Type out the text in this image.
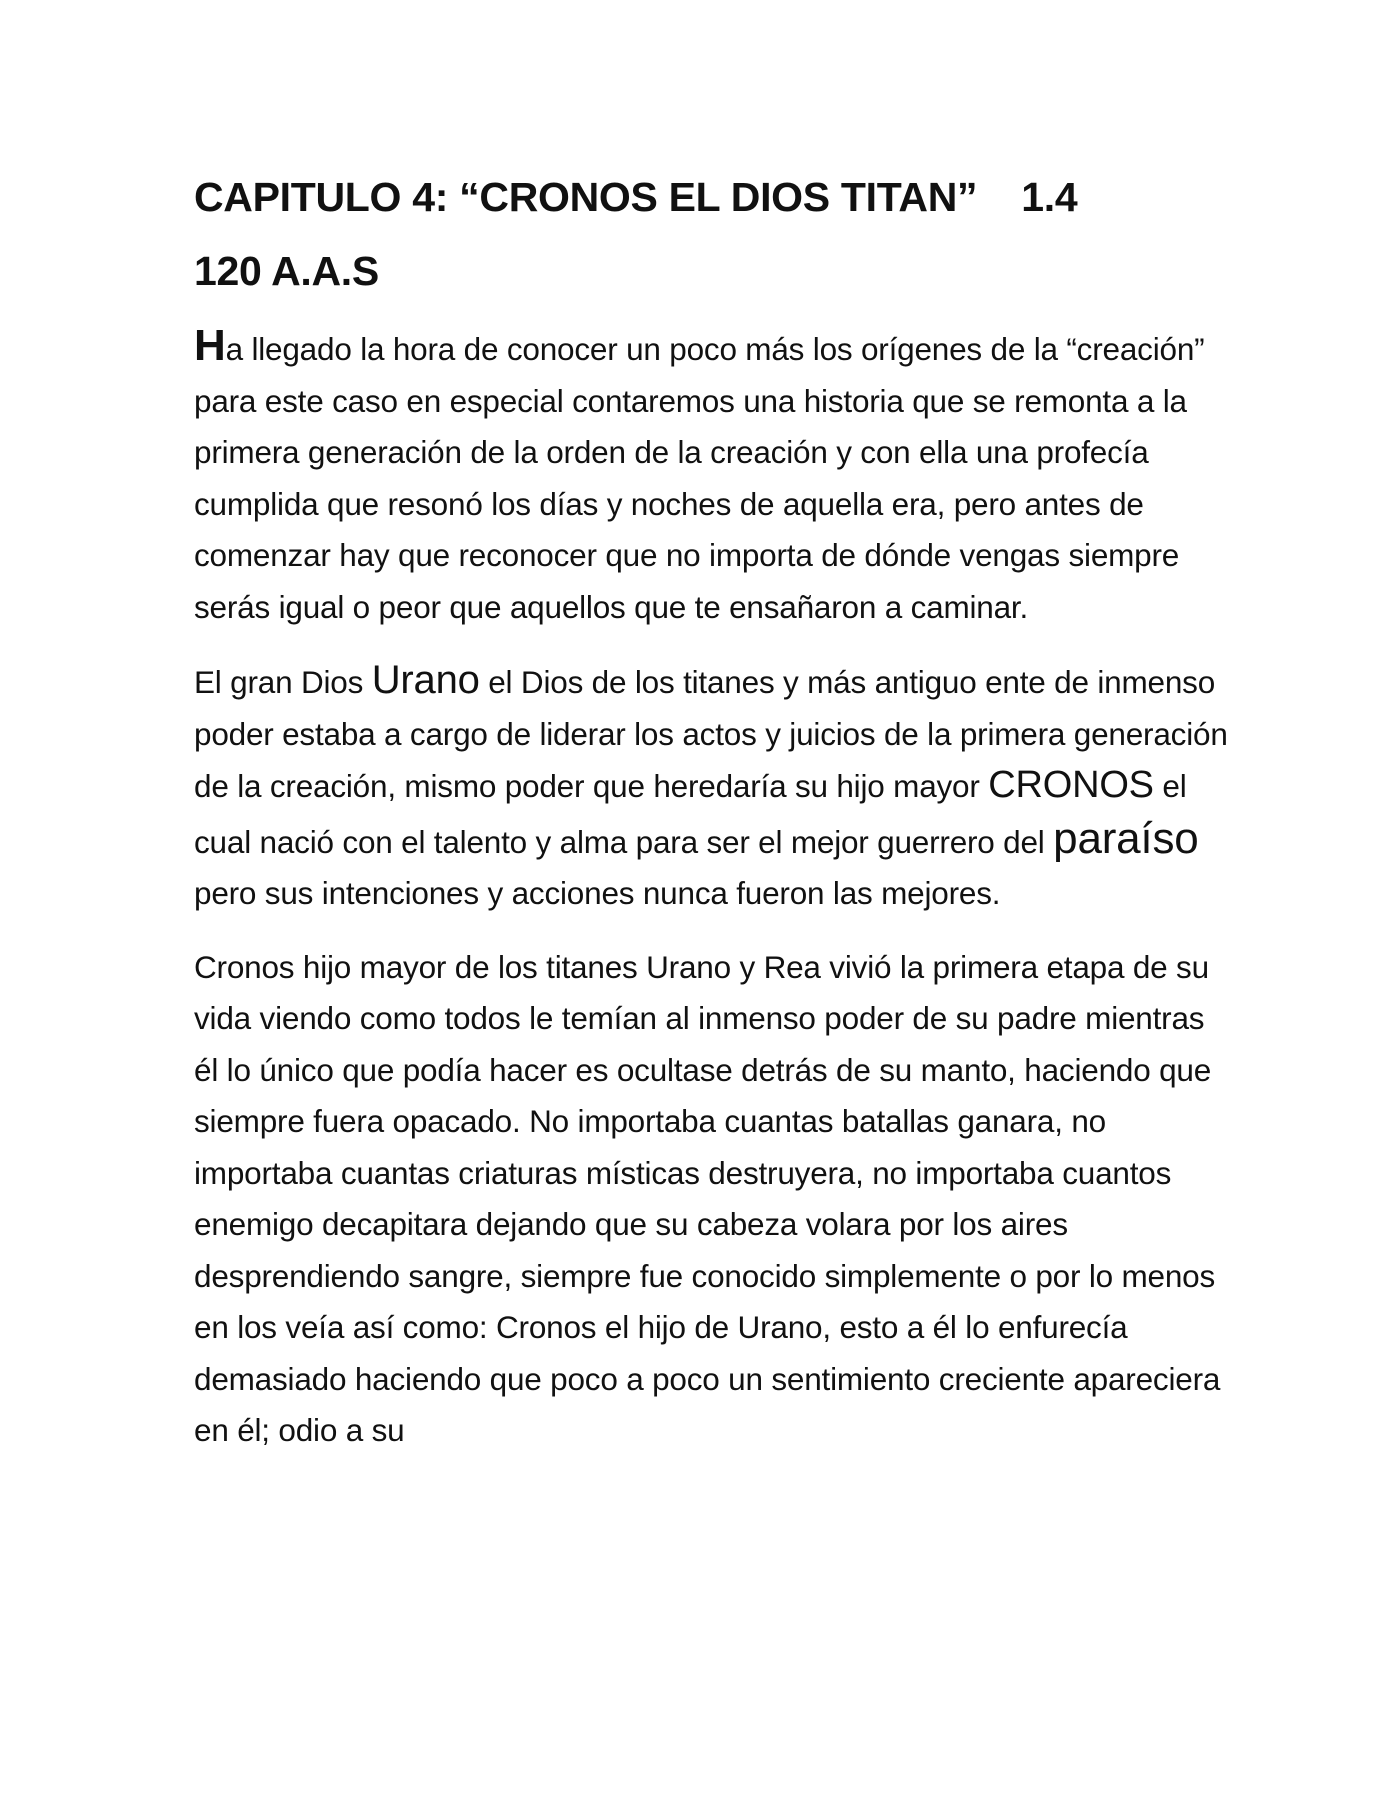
CAPITULO 4: “CRONOS EL DIOS TITAN” 1.4
120 A.A.S

Ha llegado la hora de conocer un poco más los orígenes de la “creación” para este caso en especial contaremos una historia que se remonta a la primera generación de la orden de la creación y con ella una profecía cumplida que resonó los días y noches de aquella era, pero antes de comenzar hay que reconocer que no importa de dónde vengas siempre serás igual o peor que aquellos que te ensañaron a caminar.

El gran Dios Urano el Dios de los titanes y más antiguo ente de inmenso poder estaba a cargo de liderar los actos y juicios de la primera generación de la creación, mismo poder que heredaría su hijo mayor CRONOS el cual nació con el talento y alma para ser el mejor guerrero del paraíso pero sus intenciones y acciones nunca fueron las mejores.

Cronos hijo mayor de los titanes Urano y Rea vivió la primera etapa de su vida viendo como todos le temían al inmenso poder de su padre mientras él lo único que podía hacer es ocultase detrás de su manto, haciendo que siempre fuera opacado. No importaba cuantas batallas ganara, no importaba cuantas criaturas místicas destruyera, no importaba cuantos enemigo decapitara dejando que su cabeza volara por los aires desprendiendo sangre, siempre fue conocido simplemente o por lo menos en los veía así como: Cronos el hijo de Urano, esto a él lo enfurecía demasiado haciendo que poco a poco un sentimiento creciente apareciera en él; odio a su
